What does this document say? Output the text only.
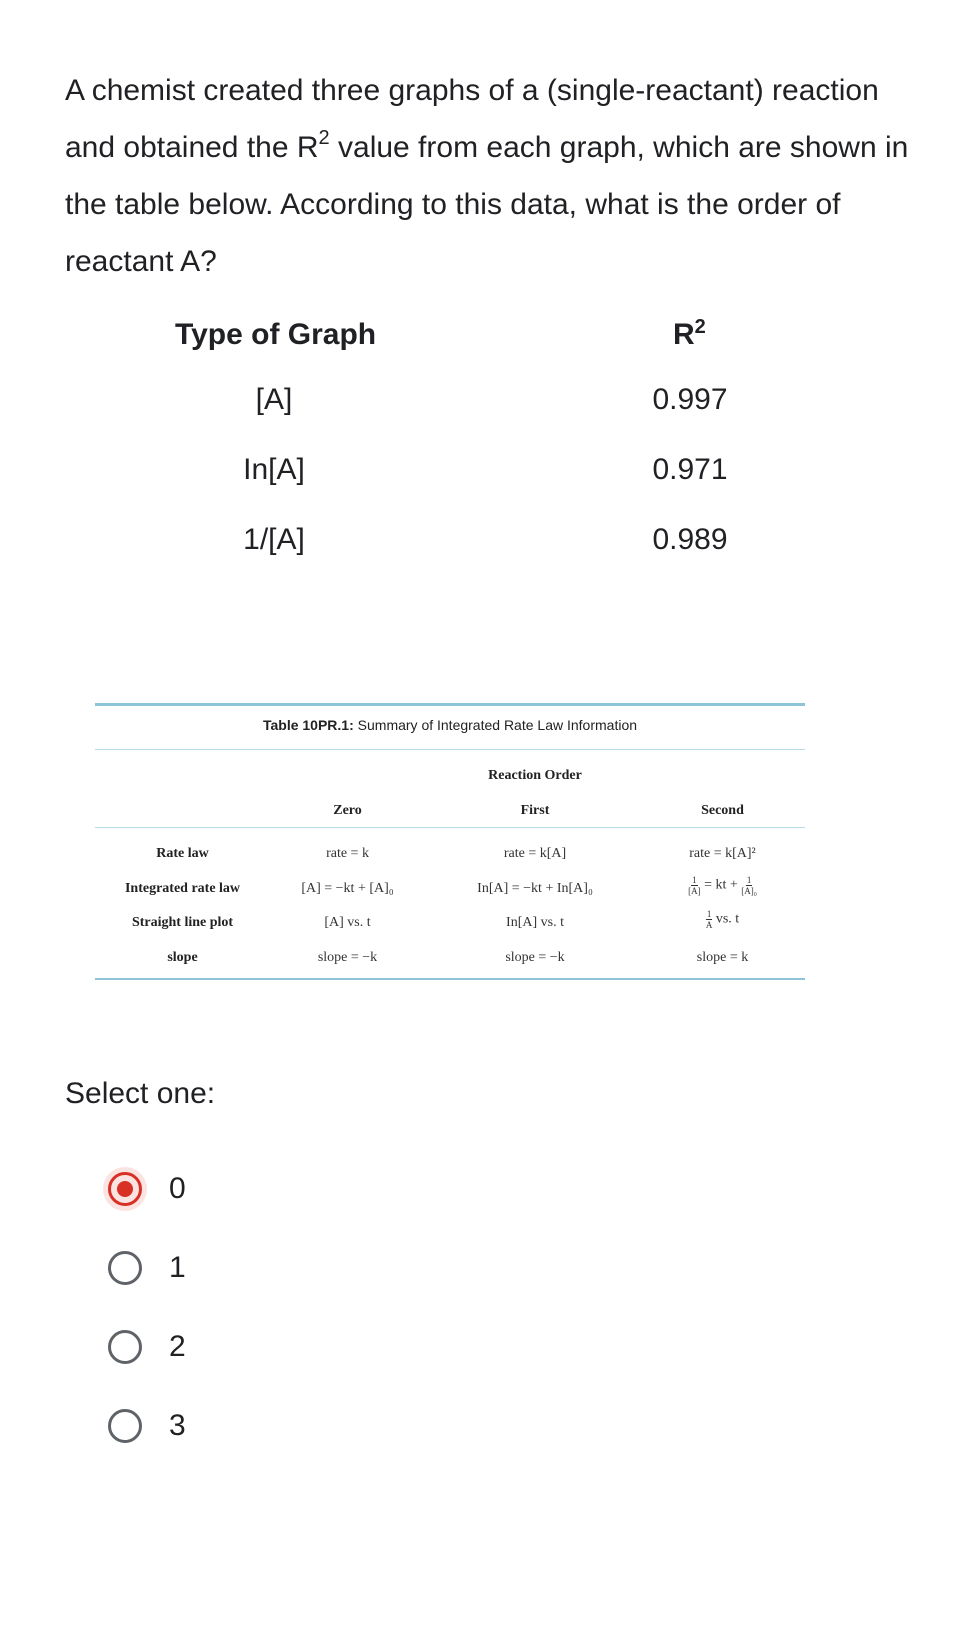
A chemist created three graphs of a (single-reactant) reaction and obtained the $R^2$ value from each graph, which are shown in the table below. According to this data, what is the order of reactant A?
Type of Graph	$R^2$
[A]	0.997
In[A]	0.971
1/[A]	0.989
Table 10PR.1: Summary of Integrated Rate Law Information
Reaction Order
Zero	First	Second
Rate law	rate = k	rate = k[A]	rate = k[A]²
Integrated rate law	[A] = −kt + [A]₀	In[A] = −kt + In[A]₀	$\frac{1}{[A]}$ = kt + $\frac{1}{\text{[A]₀}}$
Straight line plot	[A] vs. t	In[A] vs. t	$\frac{1}{A}$ vs. t
slope	slope = −k	slope = −k	slope = k
Select one:
0
1
2
3
